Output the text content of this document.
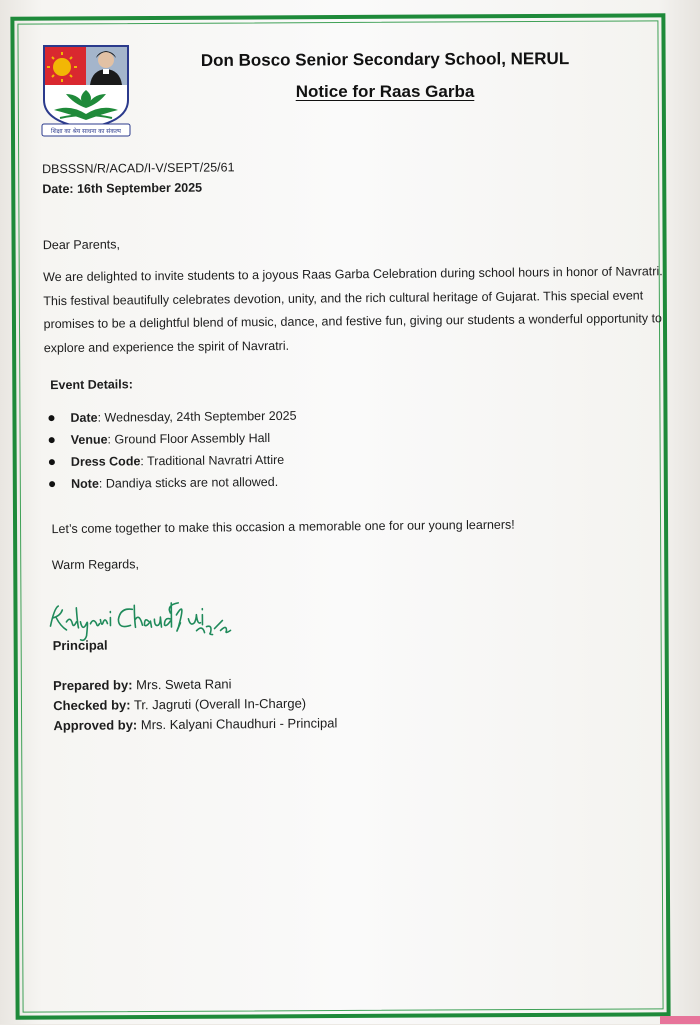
शिक्षा का श्रेय साधना का संकल्प
Don Bosco Senior Secondary School, NERUL
Notice for Raas Garba
DBSSSN/R/ACAD/I-V/SEPT/25/61
Date: 16th September 2025
Dear Parents,
We are delighted to invite students to a joyous Raas Garba Celebration during school hours in honor of Navratri.
This festival beautifully celebrates devotion, unity, and the rich cultural heritage of Gujarat. This special event
promises to be a delightful blend of music, dance, and festive fun, giving our students a wonderful opportunity to
explore and experience the spirit of Navratri.
Event Details:
Date: Wednesday, 24th September 2025
Venue: Ground Floor Assembly Hall
Dress Code: Traditional Navratri Attire
Note: Dandiya sticks are not allowed.
Let’s come together to make this occasion a memorable one for our young learners!
Warm Regards,
Principal
Prepared by: Mrs. Sweta Rani
Checked by: Tr. Jagruti (Overall In-Charge)
Approved by: Mrs. Kalyani Chaudhuri - Principal
